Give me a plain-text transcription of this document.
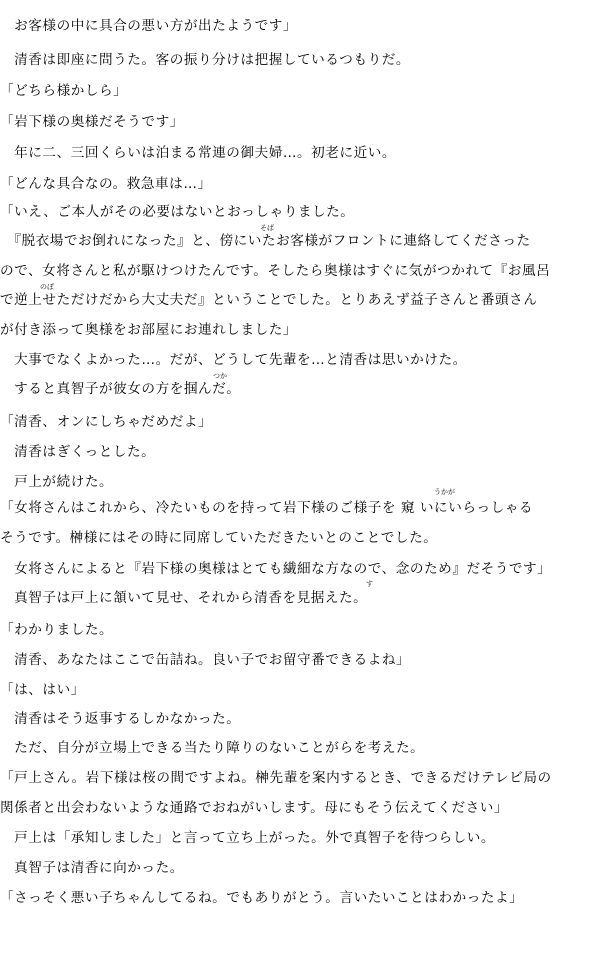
　お客様の中に具合の悪い方が出たようです」
　清香は即座に問うた。客の振り分けは把握しているつもりだ。
「どちら様かしら」
「岩下様の奥様だそうです」
　年に二、三回くらいは泊まる常連の御夫婦…。初老に近い。
「どんな具合なの。救急車は…」
「いえ、ご本人がその必要はないとおっしゃりました。
そば
　『脱衣場でお倒れになった』と、傍にいたお客様がフロントに連絡してくださった
ので、女将さんと私が駆けつけたんです。そしたら奥様はすぐに気がつかれて『お風呂
のぼ
で逆上せただけだから大丈夫だ』ということでした。とりあえず益子さんと番頭さん
が付き添って奥様をお部屋にお連れしました」
　大事でなくよかった…。だが、どうして先輩を…と清香は思いかけた。
つか
　すると真智子が彼女の方を掴んだ。
「清香、オンにしちゃだめだよ」
　清香はぎくっとした。
　戸上が続けた。
うかが
「女将さんはこれから、冷たいものを持って岩下様のご様子を 窺 いにいらっしゃる
そうです。榊様にはその時に同席していただきたいとのことでした。
　女将さんによると『岩下様の奥様はとても繊細な方なので、念のため』だそうです」
す
　真智子は戸上に頷いて見せ、それから清香を見据えた。
「わかりました。
　清香、あなたはここで缶詰ね。良い子でお留守番できるよね」
「は、はい」
　清香はそう返事するしかなかった。
　ただ、自分が立場上できる当たり障りのないことがらを考えた。
「戸上さん。岩下様は桜の間ですよね。榊先輩を案内するとき、できるだけテレビ局の
関係者と出会わないような通路でおねがいします。母にもそう伝えてください」
　戸上は「承知しました」と言って立ち上がった。外で真智子を待つらしい。
　真智子は清香に向かった。
「さっそく悪い子ちゃんしてるね。でもありがとう。言いたいことはわかったよ」
